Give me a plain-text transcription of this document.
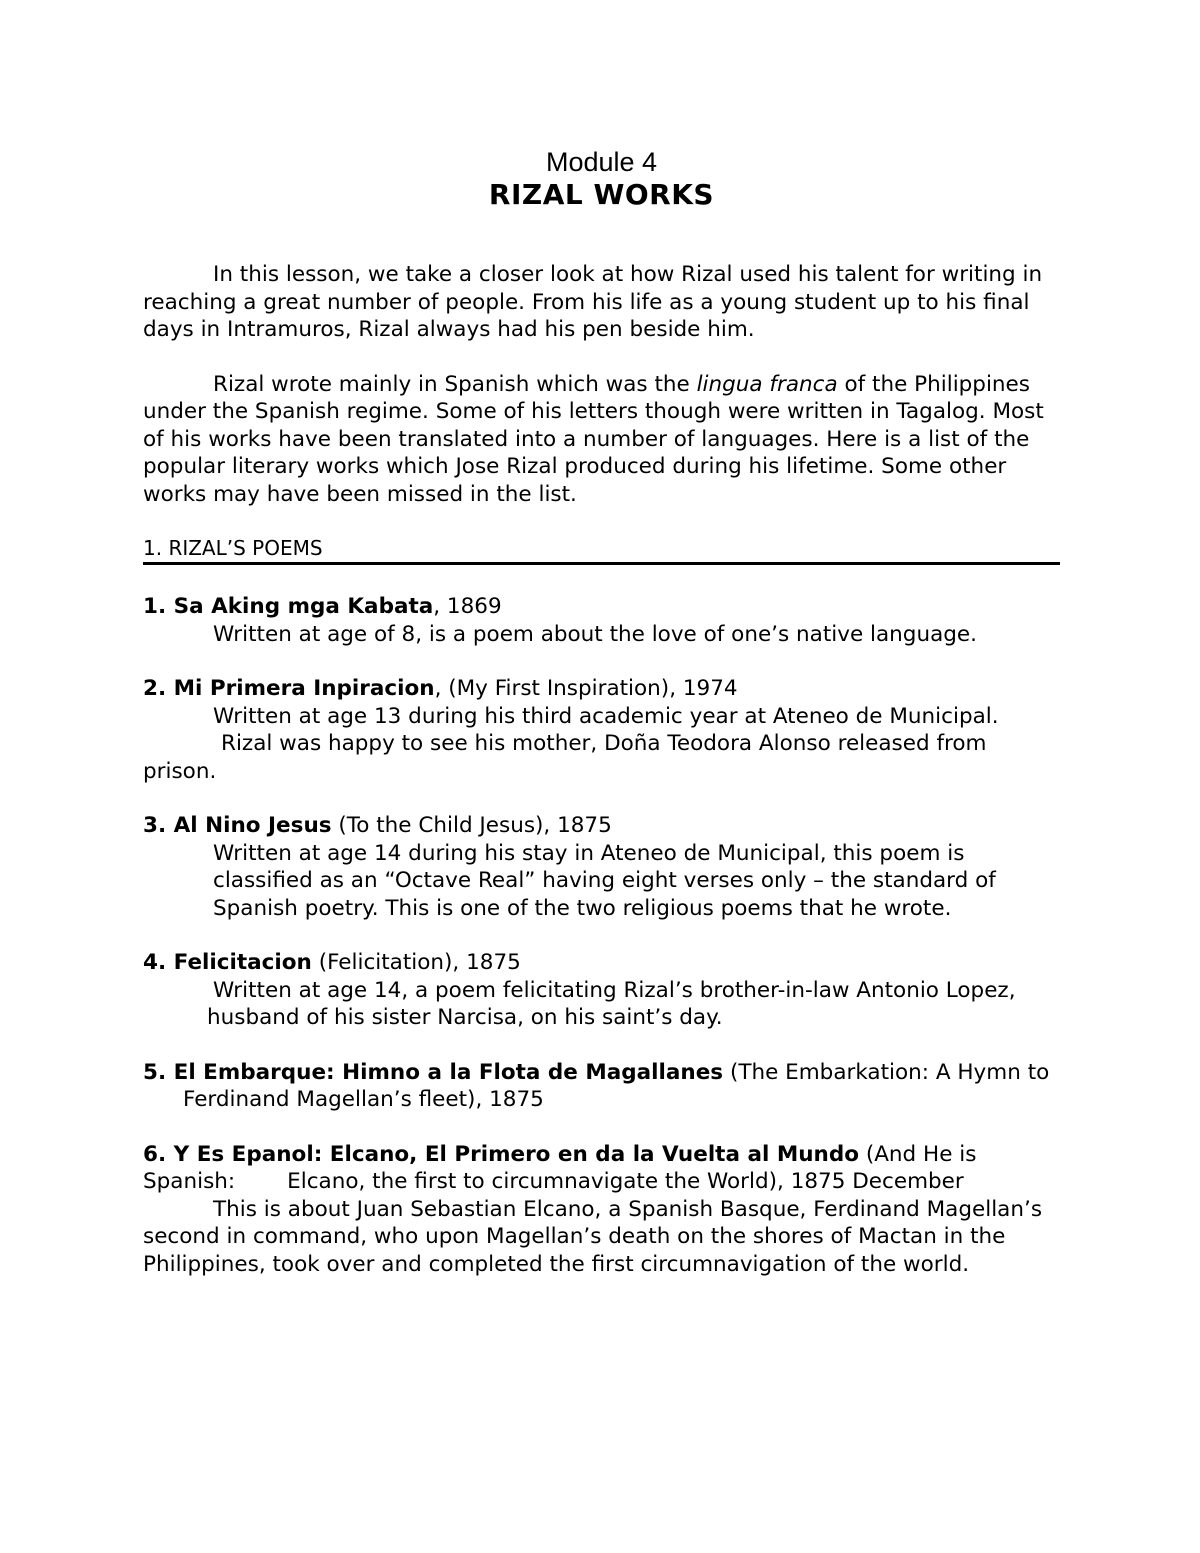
Module 4
RIZAL WORKS

In this lesson, we take a closer look at how Rizal used his talent for writing in reaching a great number of people. From his life as a young student up to his final days in Intramuros, Rizal always had his pen beside him.

Rizal wrote mainly in Spanish which was the lingua franca of the Philippines under the Spanish regime. Some of his letters though were written in Tagalog. Most of his works have been translated into a number of languages. Here is a list of the popular literary works which Jose Rizal produced during his lifetime. Some other works may have been missed in the list.

1. RIZAL’S POEMS
1. Sa Aking mga Kabata, 1869
Written at age of 8, is a poem about the love of one’s native language.
2. Mi Primera Inpiracion, (My First Inspiration), 1974
Written at age 13 during his third academic year at Ateneo de Municipal.Rizal was happy to see his mother, Doña Teodora Alonso released from prison.
3. Al Nino Jesus (To the Child Jesus), 1875
Written at age 14 during his stay in Ateneo de Municipal, this poem is classified as an “Octave Real” having eight verses only – the standard of Spanish poetry. This is one of the two religious poems that he wrote.
4. Felicitacion (Felicitation), 1875
Written at age 14, a poem felicitating Rizal’s brother-in-law Antonio Lopez,husband of his sister Narcisa, on his saint’s day.
5. El Embarque: Himno a la Flota de Magallanes (The Embarkation: A Hymn toFerdinand Magellan’s fleet), 1875
6. Y Es Epanol: Elcano, El Primero en da la Vuelta al Mundo (And He is Spanish: Elcano, the first to circumnavigate the World), 1875 December
This is about Juan Sebastian Elcano, a Spanish Basque, Ferdinand Magellan’s second in command, who upon Magellan’s death on the shores of Mactan in thePhilippines, took over and completed the first circumnavigation of the world.
